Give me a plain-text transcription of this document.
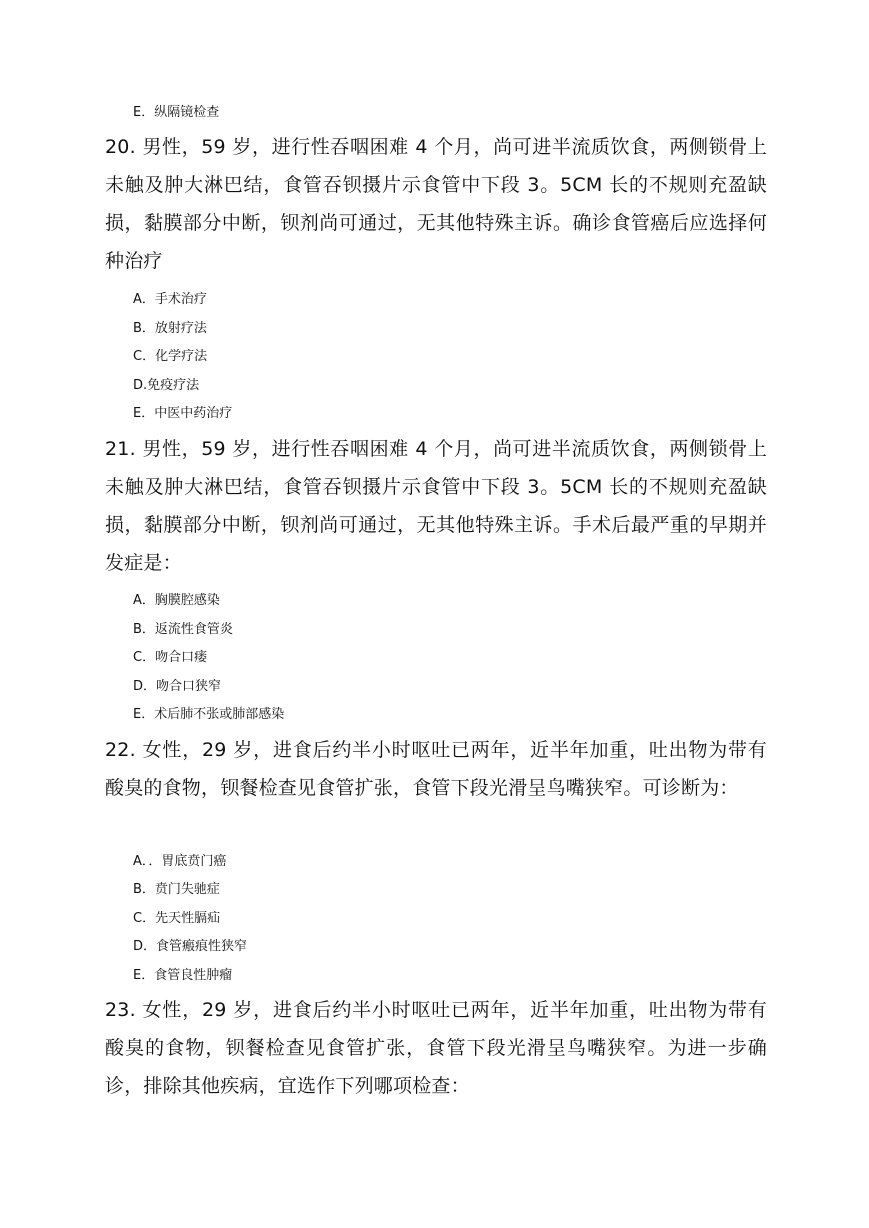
E．纵隔镜检查
20. 男性，59 岁，进行性吞咽困难 4 个月，尚可进半流质饮食，两侧锁骨上未触及肿大淋巴结，食管吞钡摄片示食管中下段 3。5CM 长的不规则充盈缺损，黏膜部分中断，钡剂尚可通过，无其他特殊主诉。确诊食管癌后应选择何种治疗
A．手术治疗
B．放射疗法
C．化学疗法
D.免疫疗法
E．中医中药治疗
21. 男性，59 岁，进行性吞咽困难 4 个月，尚可进半流质饮食，两侧锁骨上未触及肿大淋巴结，食管吞钡摄片示食管中下段 3。5CM 长的不规则充盈缺损，黏膜部分中断，钡剂尚可通过，无其他特殊主诉。手术后最严重的早期并发症是：
A．胸膜腔感染
B．返流性食管炎
C．吻合口瘘
D．吻合口狭窄
E．术后肺不张或肺部感染
22. 女性，29 岁，进食后约半小时呕吐已两年，近半年加重，吐出物为带有酸臭的食物，钡餐检查见食管扩张，食管下段光滑呈鸟嘴狭窄。可诊断为：
A．．胃底贲门癌
B．贲门失驰症
C．先天性膈疝
D．食管瘢痕性狭窄
E．食管良性肿瘤
23. 女性，29 岁，进食后约半小时呕吐已两年，近半年加重，吐出物为带有酸臭的食物，钡餐检查见食管扩张，食管下段光滑呈鸟嘴狭窄。为进一步确诊，排除其他疾病，宜选作下列哪项检查：
